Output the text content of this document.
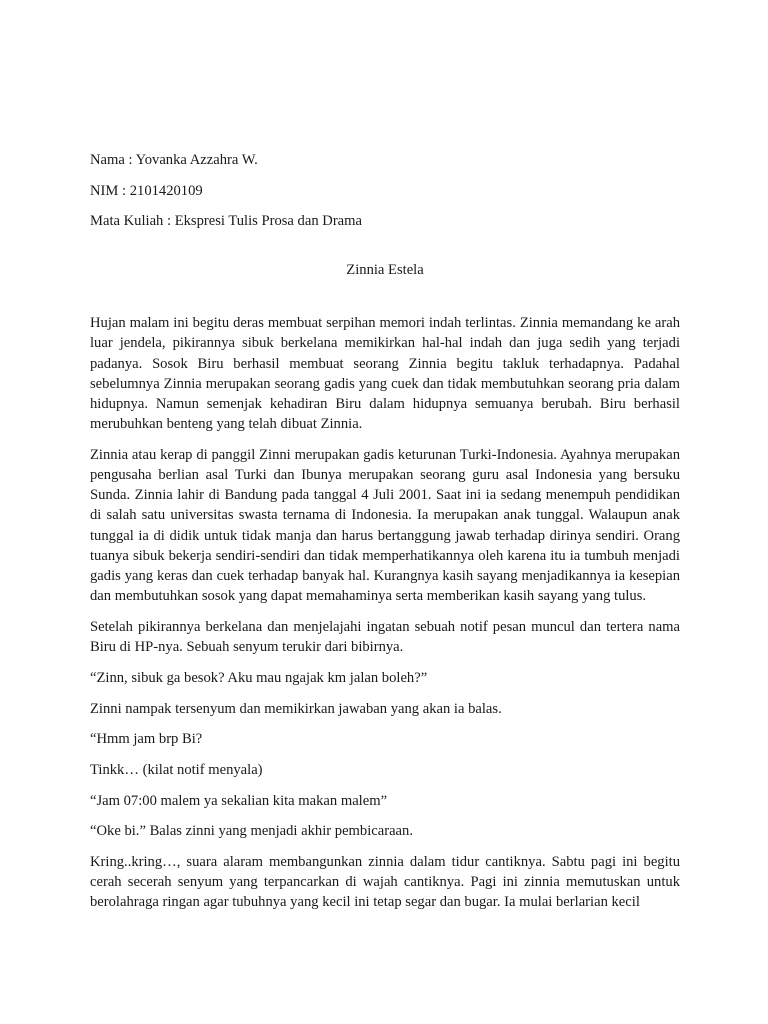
Nama : Yovanka Azzahra W.
NIM : 2101420109
Mata Kuliah : Ekspresi Tulis Prosa dan Drama
Zinnia Estela

Hujan malam ini begitu deras membuat serpihan memori indah terlintas. Zinnia memandang ke arah luar jendela, pikirannya sibuk berkelana memikirkan hal-hal indah dan juga sedih yang terjadi padanya. Sosok Biru berhasil membuat seorang Zinnia begitu takluk terhadapnya. Padahal sebelumnya Zinnia merupakan seorang gadis yang cuek dan tidak membutuhkan seorang pria dalam hidupnya. Namun semenjak kehadiran Biru dalam hidupnya semuanya berubah. Biru berhasil merubuhkan benteng yang telah dibuat Zinnia.

Zinnia atau kerap di panggil Zinni merupakan gadis keturunan Turki-Indonesia. Ayahnya merupakan pengusaha berlian asal Turki dan Ibunya merupakan seorang guru asal Indonesia yang bersuku Sunda. Zinnia lahir di Bandung pada tanggal 4 Juli 2001. Saat ini ia sedang menempuh pendidikan di salah satu universitas swasta ternama di Indonesia. Ia merupakan anak tunggal. Walaupun anak tunggal ia di didik untuk tidak manja dan harus bertanggung jawab terhadap dirinya sendiri. Orang tuanya sibuk bekerja sendiri-sendiri dan tidak memperhatikannya oleh karena itu ia tumbuh menjadi gadis yang keras dan cuek terhadap banyak hal. Kurangnya kasih sayang menjadikannya ia kesepian dan membutuhkan sosok yang dapat memahaminya serta memberikan kasih sayang yang tulus.

Setelah pikirannya berkelana dan menjelajahi ingatan sebuah notif pesan muncul dan tertera nama Biru di HP-nya. Sebuah senyum terukir dari bibirnya.

“Zinn, sibuk ga besok? Aku mau ngajak km jalan boleh?”
Zinni nampak tersenyum dan memikirkan jawaban yang akan ia balas.
“Hmm jam brp Bi?
Tinkk… (kilat notif menyala)
“Jam 07:00 malem ya sekalian kita makan malem”
“Oke bi.” Balas zinni yang menjadi akhir pembicaraan.

Kring..kring…, suara alaram membangunkan zinnia dalam tidur cantiknya. Sabtu pagi ini begitu cerah secerah senyum yang terpancarkan di wajah cantiknya. Pagi ini zinnia memutuskan untuk berolahraga ringan agar tubuhnya yang kecil ini tetap segar dan bugar. Ia mulai berlarian kecil
